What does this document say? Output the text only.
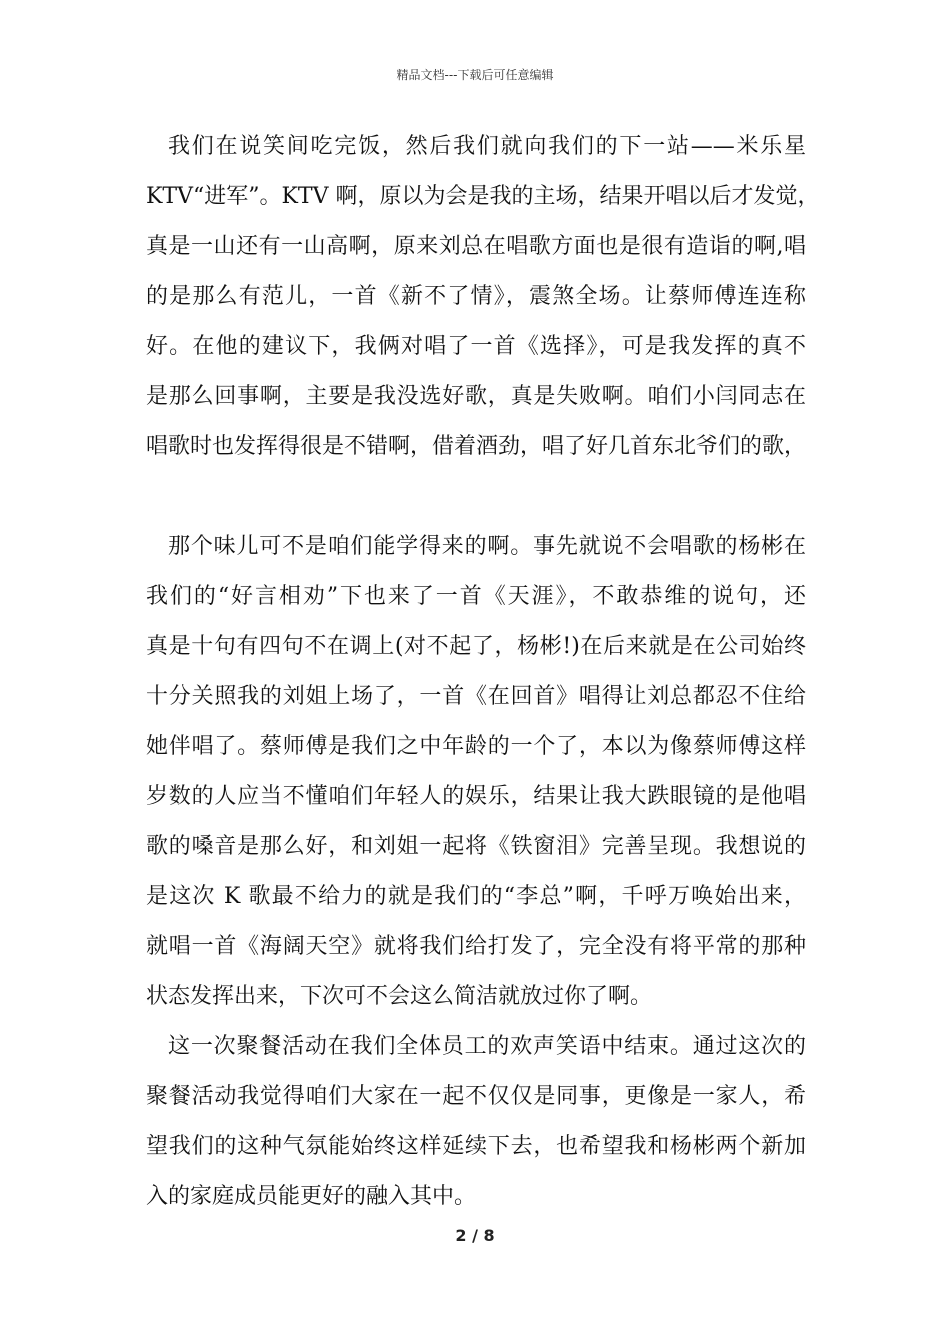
精品文档---下载后可任意编辑
我们在说笑间吃完饭，然后我们就向我们的下一站——米乐星
KTV“进军”。KTV 啊，原以为会是我的主场，结果开唱以后才发觉，
真是一山还有一山高啊，原来刘总在唱歌方面也是很有造诣的啊,唱
的是那么有范儿，一首《新不了情》，震煞全场。让蔡师傅连连称
好。在他的建议下，我俩对唱了一首《选择》，可是我发挥的真不
是那么回事啊，主要是我没选好歌，真是失败啊。咱们小闫同志在
唱歌时也发挥得很是不错啊，借着酒劲，唱了好几首东北爷们的歌，
那个味儿可不是咱们能学得来的啊。事先就说不会唱歌的杨彬在
我们的“好言相劝”下也来了一首《天涯》，不敢恭维的说句，还
真是十句有四句不在调上(对不起了，杨彬!)在后来就是在公司始终
十分关照我的刘姐上场了，一首《在回首》唱得让刘总都忍不住给
她伴唱了。蔡师傅是我们之中年龄的一个了，本以为像蔡师傅这样
岁数的人应当不懂咱们年轻人的娱乐，结果让我大跌眼镜的是他唱
歌的嗓音是那么好，和刘姐一起将《铁窗泪》完善呈现。我想说的
是这次 K 歌最不给力的就是我们的“李总”啊，千呼万唤始出来，
就唱一首《海阔天空》就将我们给打发了，完全没有将平常的那种
状态发挥出来，下次可不会这么简洁就放过你了啊。
这一次聚餐活动在我们全体员工的欢声笑语中结束。通过这次的
聚餐活动我觉得咱们大家在一起不仅仅是同事，更像是一家人，希
望我们的这种气氛能始终这样延续下去，也希望我和杨彬两个新加
入的家庭成员能更好的融入其中。
2 / 8
